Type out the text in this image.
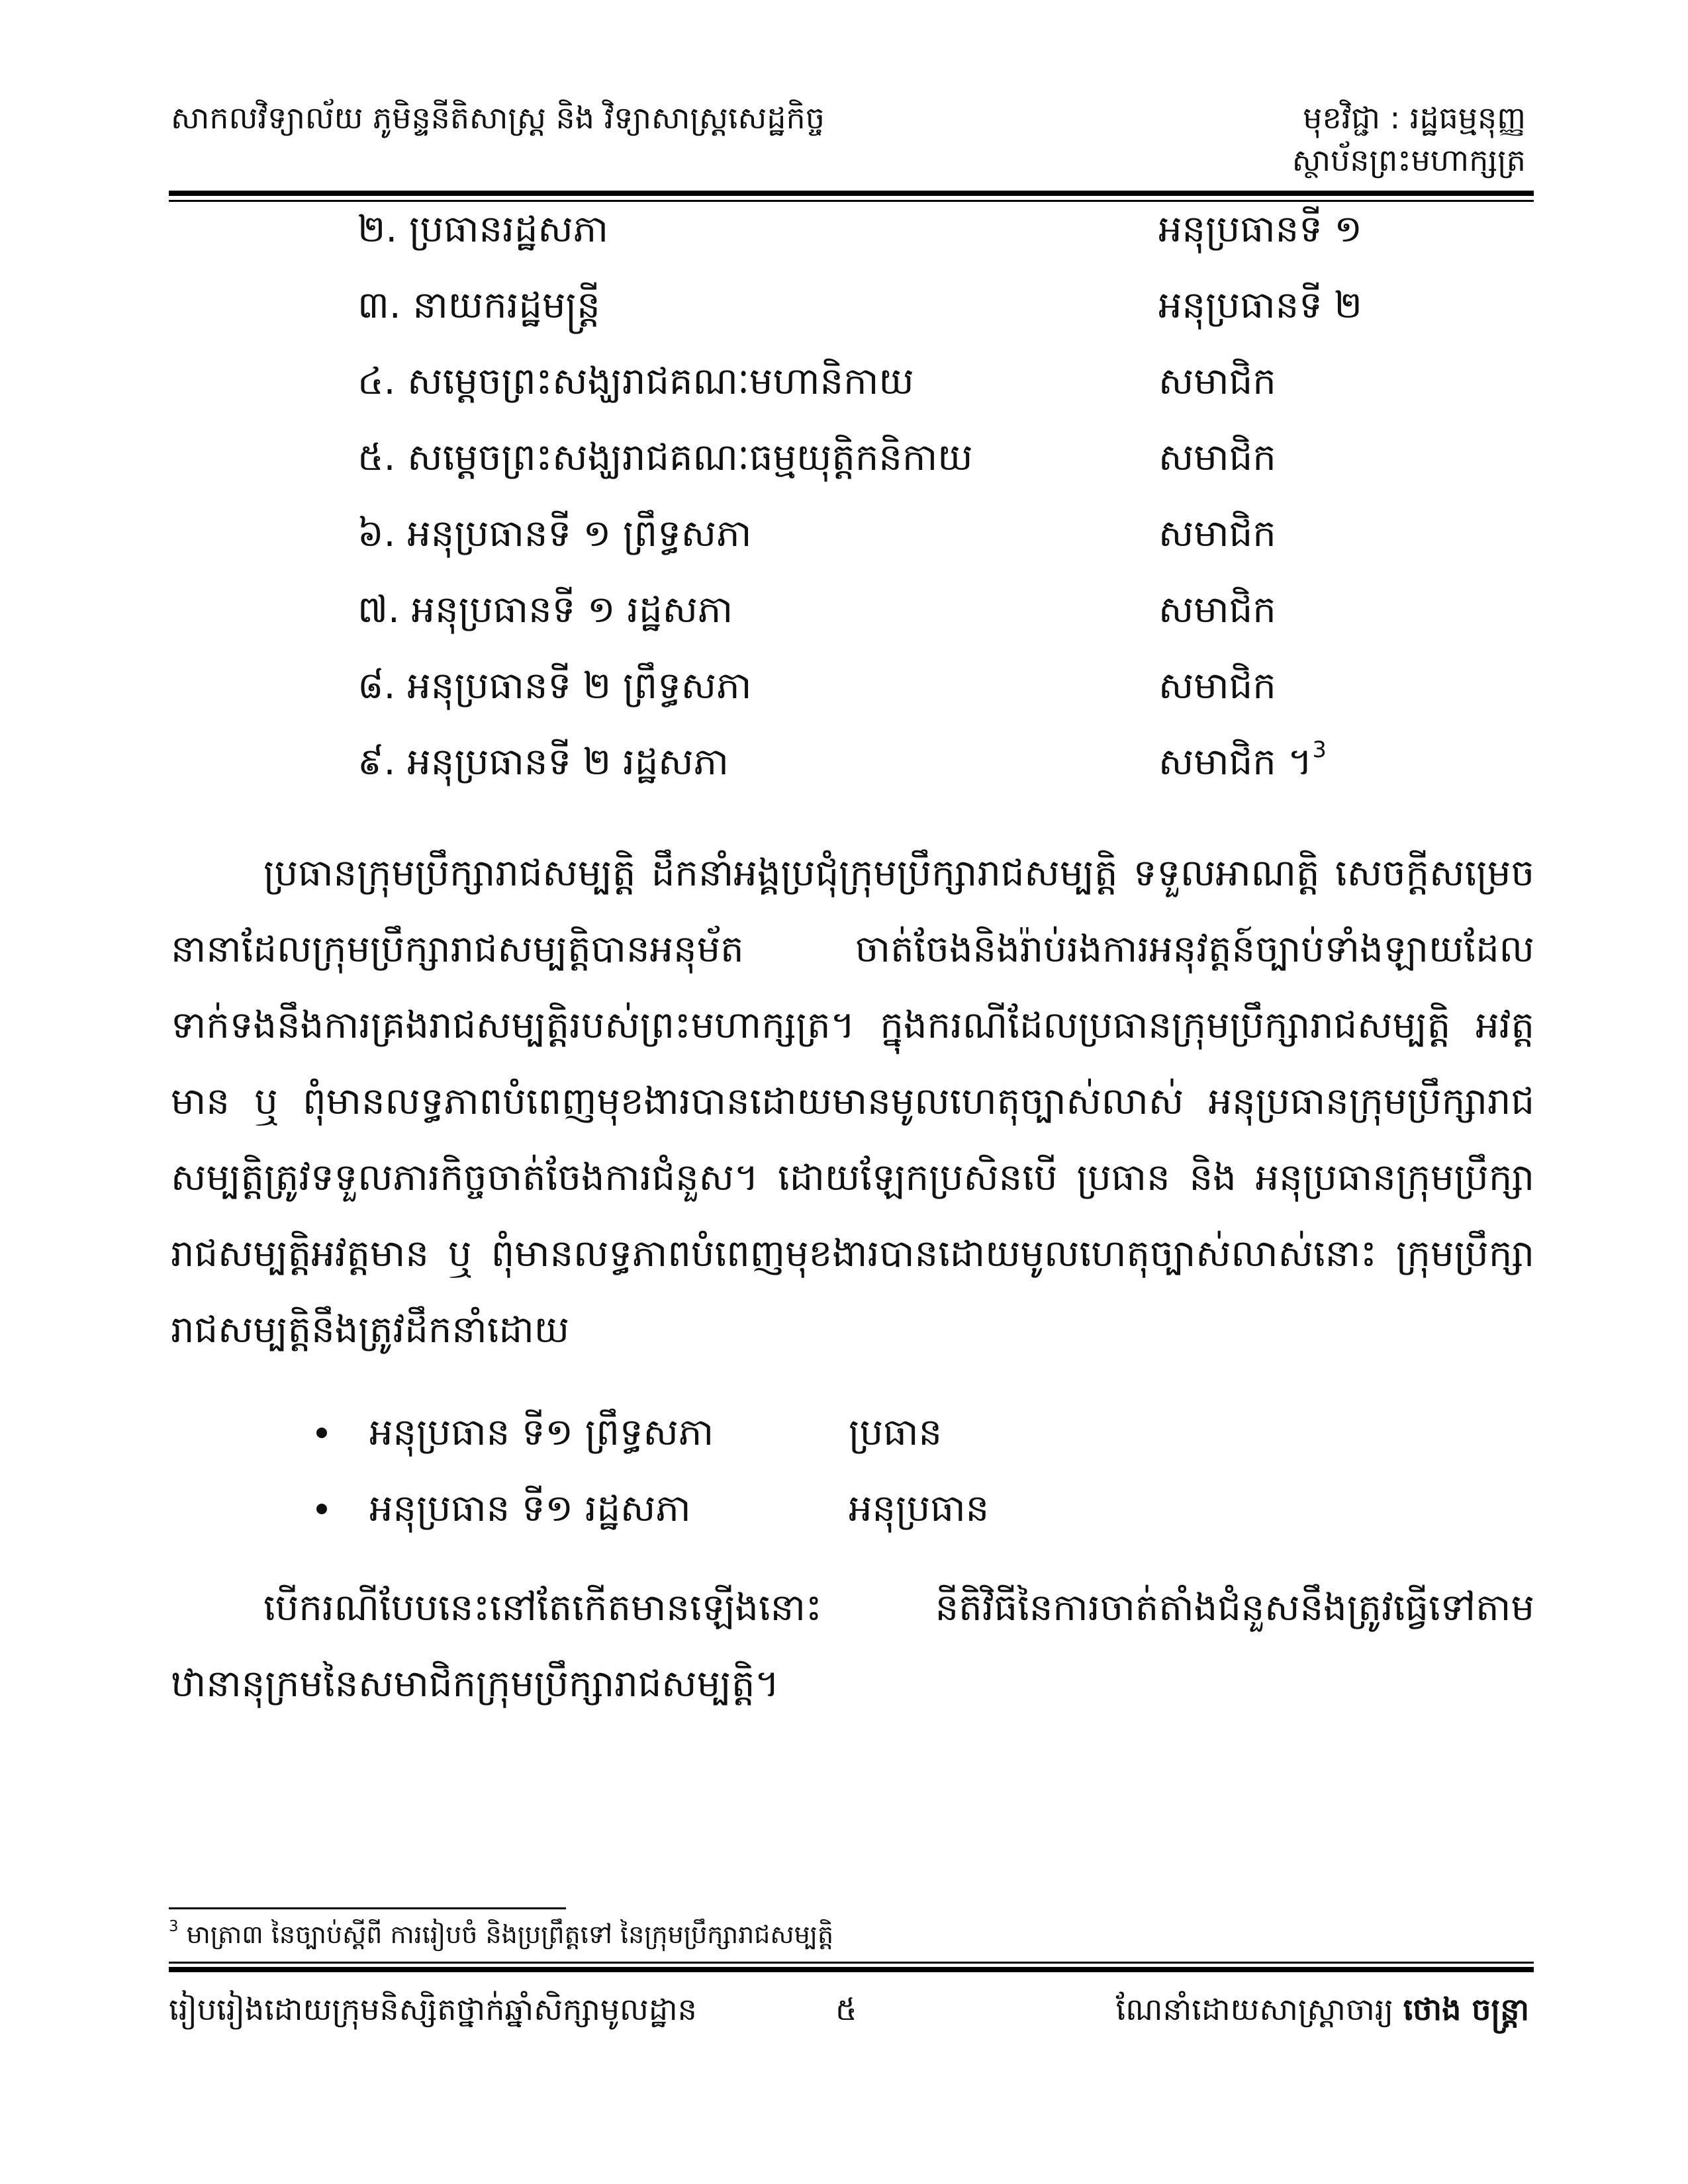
សាកលវិទ្យាល័យ ភូមិន្ទនីតិសាស្ត្រ និង វិទ្យាសាស្ត្រសេដ្ឋកិច្ច	មុខវិជ្ជា : រដ្ឋធម្មនុញ្ញ
ស្ថាប័នព្រះមហាក្សត្រ
២. ប្រធានរដ្ឋសភា	អនុប្រធានទី ១
៣. នាយករដ្ឋមន្ត្រី	អនុប្រធានទី ២
៤. សម្តេចព្រះសង្ឃរាជគណៈមហានិកាយ	សមាជិក
៥. សម្តេចព្រះសង្ឃរាជគណៈធម្មយុត្តិកនិកាយ	សមាជិក
៦. អនុប្រធានទី ១ ព្រឹទ្ធសភា	សមាជិក
៧. អនុប្រធានទី ១ រដ្ឋសភា	សមាជិក
៨. អនុប្រធានទី ២ ព្រឹទ្ធសភា	សមាជិក
៩. អនុប្រធានទី ២ រដ្ឋសភា	សមាជិក ។$^3$

ប្រធានក្រុមប្រឹក្សារាជសម្បត្តិ ដឹកនាំអង្គប្រជុំក្រុមប្រឹក្សារាជសម្បត្តិ ទទួលអាណត្តិ សេចក្តីសម្រេចនានាដែលក្រុមប្រឹក្សារាជសម្បត្តិបានអនុម័ត ចាត់ចែងនិងរ៉ាប់រងការអនុវត្តន៍ច្បាប់ទាំងឡាយដែលទាក់ទងនឹងការគ្រងរាជសម្បត្តិរបស់ព្រះមហាក្សត្រ។ ក្នុងករណីដែលប្រធានក្រុមប្រឹក្សារាជសម្បត្តិ អវត្តមាន ឬ ពុំមានលទ្ធភាពបំពេញមុខងារបានដោយមានមូលហេតុច្បាស់លាស់ អនុប្រធានក្រុមប្រឹក្សារាជសម្បត្តិត្រូវទទួលភារកិច្ចចាត់ចែងការជំនួស។ ដោយឡែកប្រសិនបើ ប្រធាន និង អនុប្រធានក្រុមប្រឹក្សារាជសម្បត្តិអវត្តមាន ឬ ពុំមានលទ្ធភាពបំពេញមុខងារបានដោយមូលហេតុច្បាស់លាស់នោះ ក្រុមប្រឹក្សារាជសម្បត្តិនឹងត្រូវដឹកនាំដោយ

អនុប្រធាន ទី១ ព្រឹទ្ធសភា	ប្រធាន
អនុប្រធាន ទី១ រដ្ឋសភា	អនុប្រធាន

បើករណីបែបនេះនៅតែកើតមានឡើងនោះ នីតិវិធីនៃការចាត់តាំងជំនួសនឹងត្រូវធ្វើទៅតាមឋានានុក្រមនៃសមាជិកក្រុមប្រឹក្សារាជសម្បត្តិ។

$^3$ មាត្រា៣ នៃច្បាប់ស្តីពី ការរៀបចំ និងប្រព្រឹត្តទៅ នៃក្រុមប្រឹក្សារាជសម្បត្តិ
រៀបរៀងដោយក្រុមនិស្សិតថ្នាក់ឆ្នាំសិក្សាមូលដ្ឋាន	៥	ណែនាំដោយសាស្ត្រាចារ្យ ថោង ចន្ត្រា
